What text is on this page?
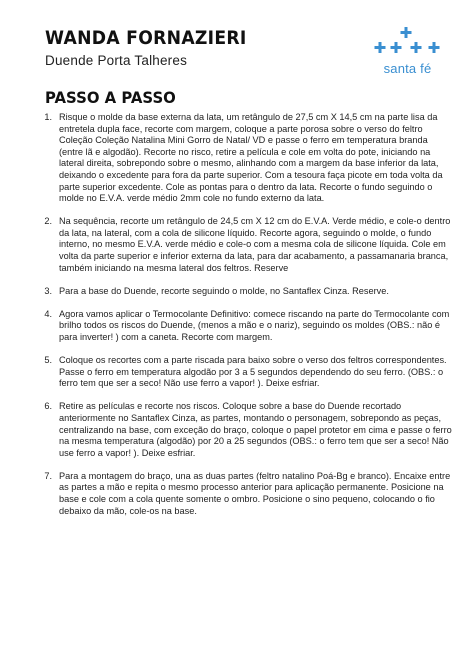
WANDA FORNAZIERI
Duende Porta Talheres
santa fé
PASSO A PASSO
1. Risque o molde da base externa da lata, um retângulo de 27,5 cm X 14,5 cm na parte lisa da entretela dupla face, recorte com margem, coloque a parte porosa sobre o verso do feltro Coleção Coleção Natalina Mini Gorro de Natal/ VD e passe o ferro em temperatura branda (entre lã e algodão). Recorte no risco, retire a película e cole em volta do pote, iniciando na lateral direita, sobrepondo sobre o mesmo, alinhando com a margem da base inferior da lata, deixando o excedente para fora da parte superior. Com a tesoura faça picote em toda volta da parte superior excedente. Cole as pontas para o dentro da lata. Recorte o fundo seguindo o molde no E.V.A. verde médio 2mm cole no fundo externo da lata.
2. Na sequência, recorte um retângulo de 24,5 cm X 12 cm do E.V.A. Verde médio, e cole-o dentro da lata, na lateral, com a cola de silicone líquido. Recorte agora, seguindo o molde, o fundo interno, no mesmo E.V.A. verde médio e cole-o com a mesma cola de silicone líquida. Cole em volta da parte superior e inferior externa da lata, para dar acabamento, a passamanaria branca, também iniciando na mesma lateral dos feltros. Reserve
3. Para a base do Duende, recorte seguindo o molde, no Santaflex Cinza. Reserve.
4. Agora vamos aplicar o Termocolante Definitivo: comece riscando na parte do Termocolante com brilho todos os riscos do Duende, (menos a mão e o nariz), seguindo os moldes (OBS.: não é para inverter! ) com a caneta. Recorte com margem.
5. Coloque os recortes com a parte riscada para baixo sobre o verso dos feltros correspondentes. Passe o ferro em temperatura algodão por 3 a 5 segundos dependendo do seu ferro. (OBS.: o ferro tem que ser a seco! Não use ferro a vapor! ). Deixe esfriar.
6. Retire as películas e recorte nos riscos. Coloque sobre a base do Duende recortado anteriormente no Santaflex Cinza, as partes, montando o personagem, sobrepondo as peças, centralizando na base, com exceção do braço, coloque o papel protetor em cima e passe o ferro na mesma temperatura (algodão) por 20 a 25 segundos (OBS.: o ferro tem que ser a seco! Não use ferro a vapor! ). Deixe esfriar.
7. Para a montagem do braço, una as duas partes (feltro natalino Poá-Bg e branco). Encaixe entre as partes a mão e repita o mesmo processo anterior para aplicação permanente. Posicione na base e cole com a cola quente somente o ombro. Posicione o sino pequeno, colocando o fio debaixo da mão, cole-os na base.
